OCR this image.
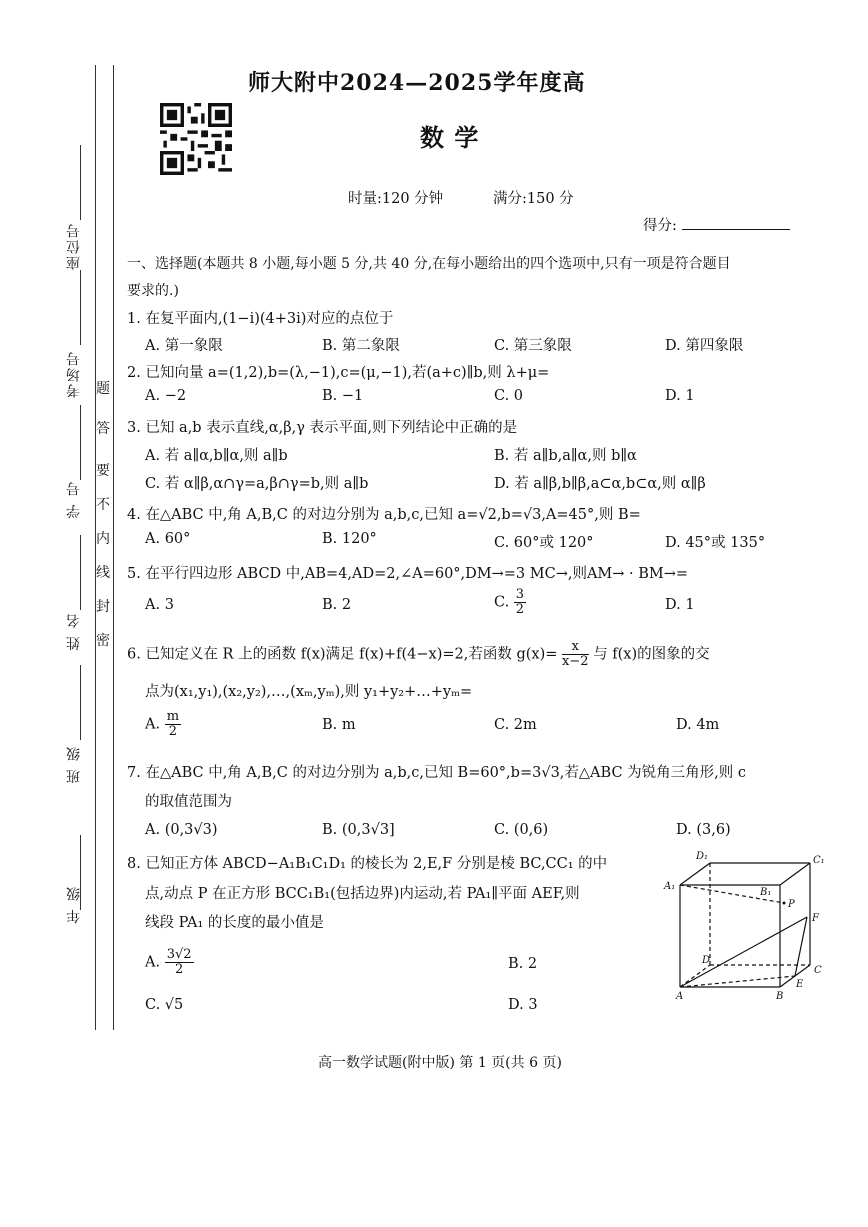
座位号
考场号
学 号
姓 名
班 级
年 级
密
封
线
内
不
要
答
题
师大附中2024—2025学年度高
数 学
时量:120 分钟	满分:150 分
得分:
一、选择题(本题共 8 小题,每小题 5 分,共 40 分,在每小题给出的四个选项中,只有一项是符合题目
要求的.)
1. 在复平面内,(1−i)(4+3i)对应的点位于
A. 第一象限	B. 第二象限	C. 第三象限	D. 第四象限
2. 已知向量 a=(1,2),b=(λ,−1),c=(μ,−1),若(a+c)∥b,则 λ+μ=
A. −2	B. −1	C. 0	D. 1
3. 已知 a,b 表示直线,α,β,γ 表示平面,则下列结论中正确的是
A. 若 a∥α,b∥α,则 a∥b	B. 若 a∥b,a∥α,则 b∥α
C. 若 α∥β,α∩γ=a,β∩γ=b,则 a∥b	D. 若 a∥β,b∥β,a⊂α,b⊂α,则 α∥β
4. 在△ABC 中,角 A,B,C 的对边分别为 a,b,c,已知 a=√2,b=√3,A=45°,则 B=
A. 60°	B. 120°	C. 60°或 120°	D. 45°或 135°
5. 在平行四边形 ABCD 中,AB=4,AD=2,∠A=60°,DM→=3 MC→,则AM→ · BM→=
A. 3	B. 2	C. $\frac{3}{2}$	D. 1
6. 已知定义在 R 上的函数 f(x)满足 f(x)+f(4−x)=2,若函数 $g(x)= \frac{x}{x-2}$ 与 f(x)的图象的交
点为(x₁,y₁),(x₂,y₂),…,(xₘ,yₘ),则 y₁+y₂+…+yₘ=
A. $\frac{m}{2}$	B. m	C. 2m	D. 4m
7. 在△ABC 中,角 A,B,C 的对边分别为 a,b,c,已知 B=60°,b=3√3,若△ABC 为锐角三角形,则 c
的取值范围为
A. (0,3√3)	B. (0,3√3]	C. (0,6)	D. (3,6)
8. 已知正方体 ABCD−A₁B₁C₁D₁ 的棱长为 2,E,F 分别是棱 BC,CC₁ 的中
点,动点 P 在正方形 BCC₁B₁(包括边界)内运动,若 PA₁∥平面 AEF,则
线段 PA₁ 的长度的最小值是
A. $\frac{3√2}{2}$	B. 2
C. √5	D. 3
D₁	C₁
A₁
B₁
P
F
D
C
E
A	B
高一数学试题(附中版) 第 1 页(共 6 页)
